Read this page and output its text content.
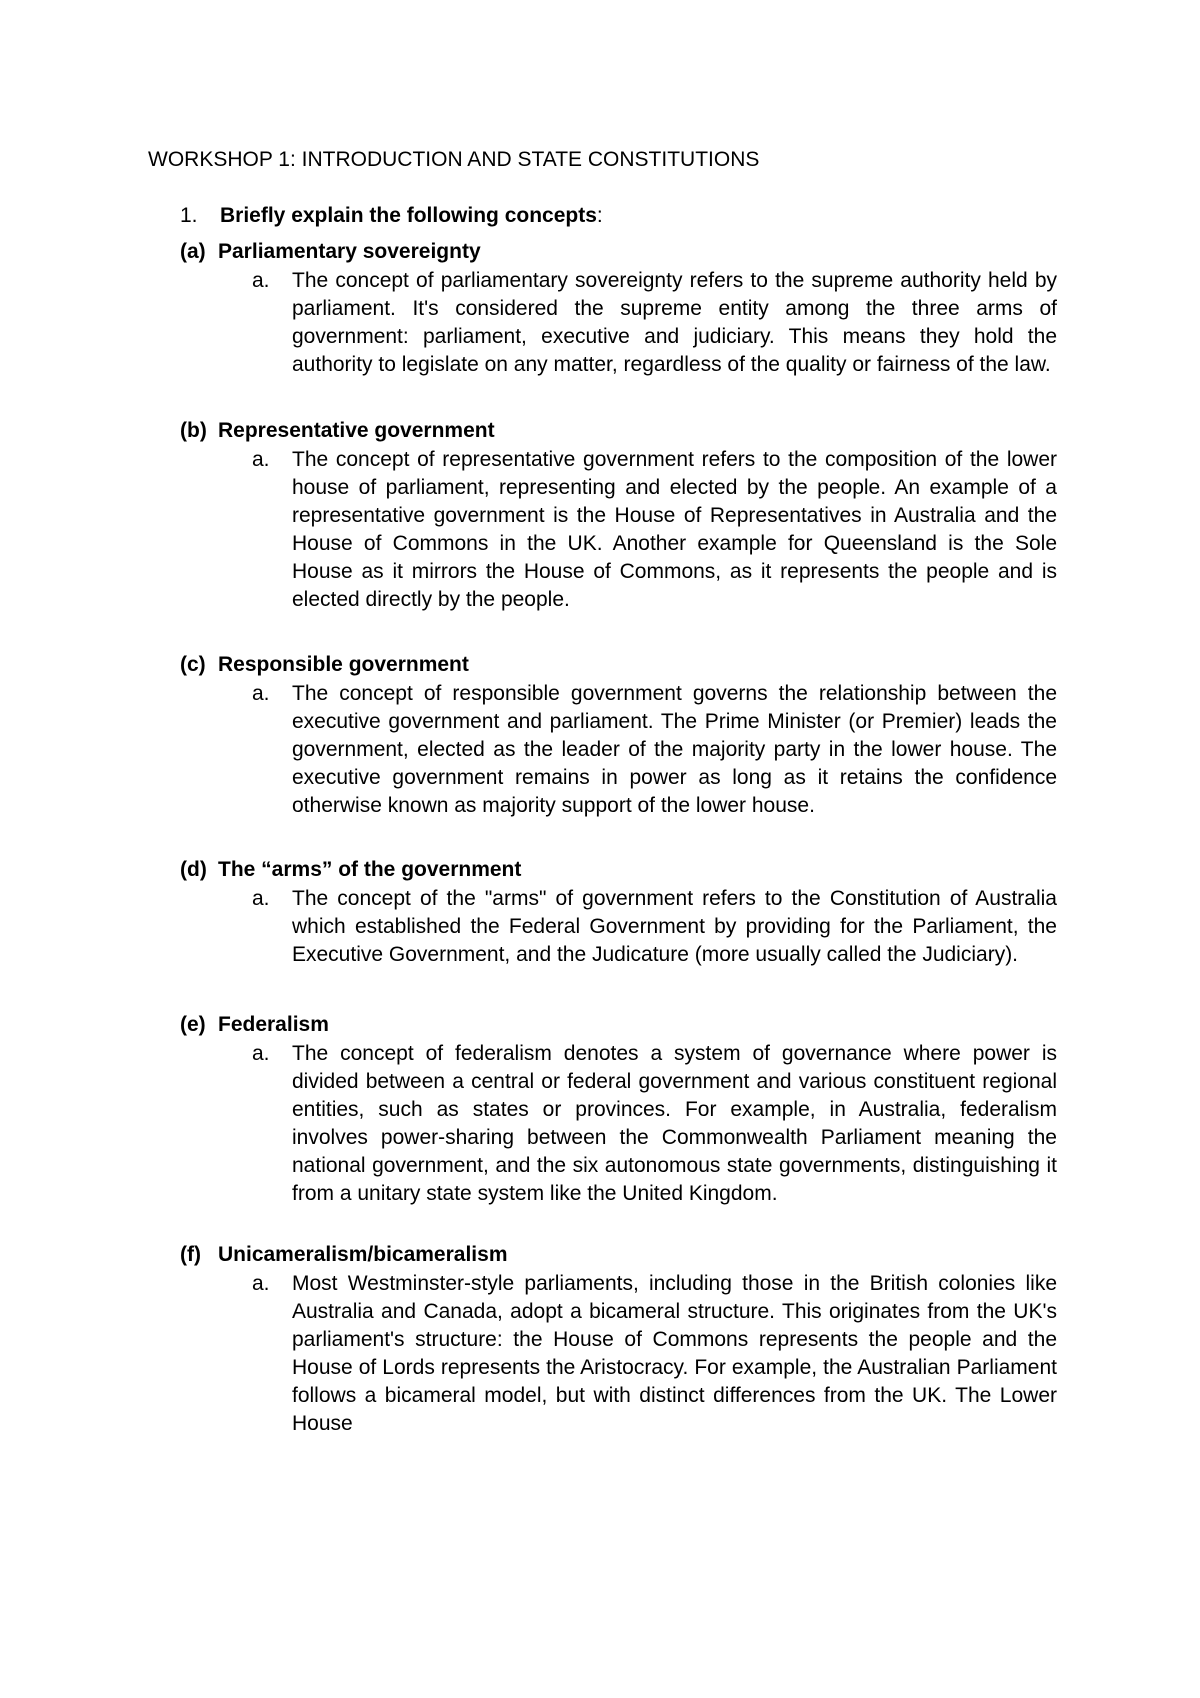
WORKSHOP 1: INTRODUCTION AND STATE CONSTITUTIONS
1. Briefly explain the following concepts:
(a) Parliamentary sovereignty
a. The concept of parliamentary sovereignty refers to the supreme authority held by parliament. It's considered the supreme entity among the three arms of government: parliament, executive and judiciary. This means they hold the authority to legislate on any matter, regardless of the quality or fairness of the law.
(b) Representative government
a. The concept of representative government refers to the composition of the lower house of parliament, representing and elected by the people. An example of a representative government is the House of Representatives in Australia and the House of Commons in the UK. Another example for Queensland is the Sole House as it mirrors the House of Commons, as it represents the people and is elected directly by the people.
(c) Responsible government
a. The concept of responsible government governs the relationship between the executive government and parliament. The Prime Minister (or Premier) leads the government, elected as the leader of the majority party in the lower house. The executive government remains in power as long as it retains the confidence otherwise known as majority support of the lower house.
(d) The “arms” of the government
a. The concept of the "arms" of government refers to the Constitution of Australia which established the Federal Government by providing for the Parliament, the Executive Government, and the Judicature (more usually called the Judiciary).
(e) Federalism
a. The concept of federalism denotes a system of governance where power is divided between a central or federal government and various constituent regional entities, such as states or provinces. For example, in Australia, federalism involves power-sharing between the Commonwealth Parliament meaning the national government, and the six autonomous state governments, distinguishing it from a unitary state system like the United Kingdom.
(f) Unicameralism/bicameralism
a. Most Westminster-style parliaments, including those in the British colonies like Australia and Canada, adopt a bicameral structure. This originates from the UK's parliament's structure: the House of Commons represents the people and the House of Lords represents the Aristocracy. For example, the Australian Parliament follows a bicameral model, but with distinct differences from the UK. The Lower House
